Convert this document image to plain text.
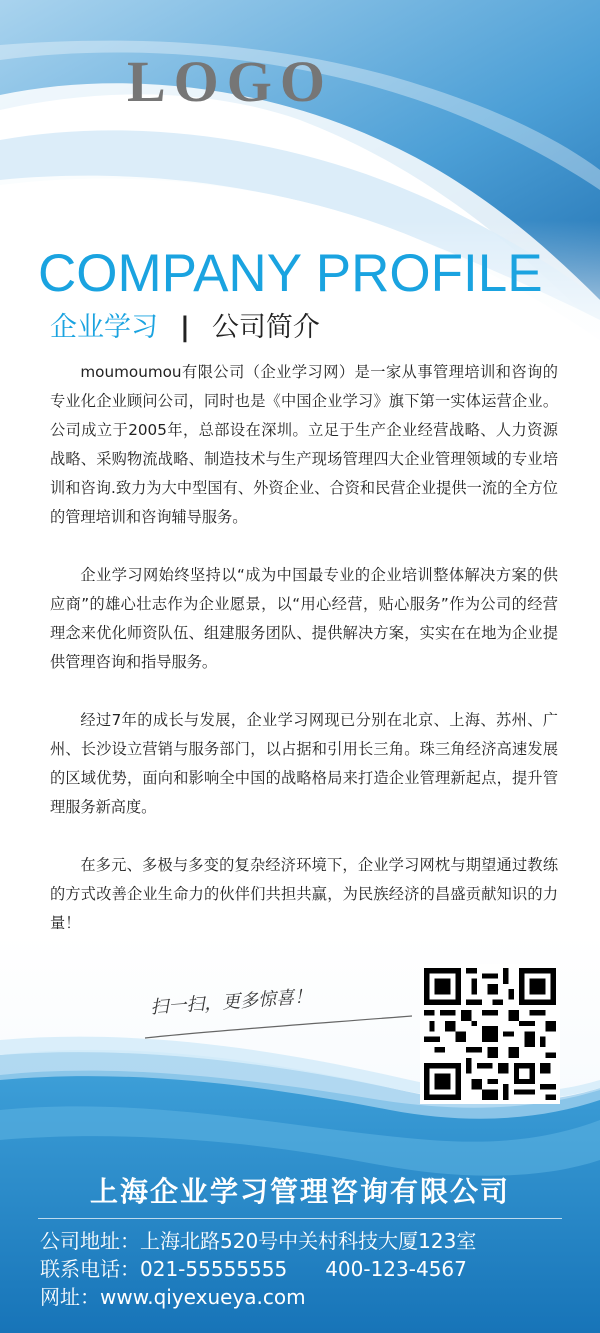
LOGO
COMPANY PROFILE
企业学习 | 公司简介

moumoumou有限公司（企业学习网）是一家从事管理培训和咨询的专业化企业顾问公司，同时也是《中国企业学习》旗下第一实体运营企业。公司成立于2005年，总部设在深圳。立足于生产企业经营战略、人力资源战略、采购物流战略、制造技术与生产现场管理四大企业管理领域的专业培训和咨询.致力为大中型国有、外资企业、合资和民营企业提供一流的全方位的管理培训和咨询辅导服务。

企业学习网始终坚持以“成为中国最专业的企业培训整体解决方案的供应商”的雄心壮志作为企业愿景，以“用心经营，贴心服务”作为公司的经营理念来优化师资队伍、组建服务团队、提供解决方案，实实在在地为企业提供管理咨询和指导服务。

经过7年的成长与发展，企业学习网现已分别在北京、上海、苏州、广州、长沙设立营销与服务部门，以占据和引用长三角。珠三角经济高速发展的区域优势，面向和影响全中国的战略格局来打造企业管理新起点，提升管理服务新高度。

在多元、多极与多变的复杂经济环境下，企业学习网枕与期望通过教练的方式改善企业生命力的伙伴们共担共赢，为民族经济的昌盛贡献知识的力量！

扫一扫，更多惊喜！
上海企业学习管理咨询有限公司
公司地址：上海北路520号中关村科技大厦123室
联系电话：021-55555555 400-123-4567
网址：www.qiyexueya.com
